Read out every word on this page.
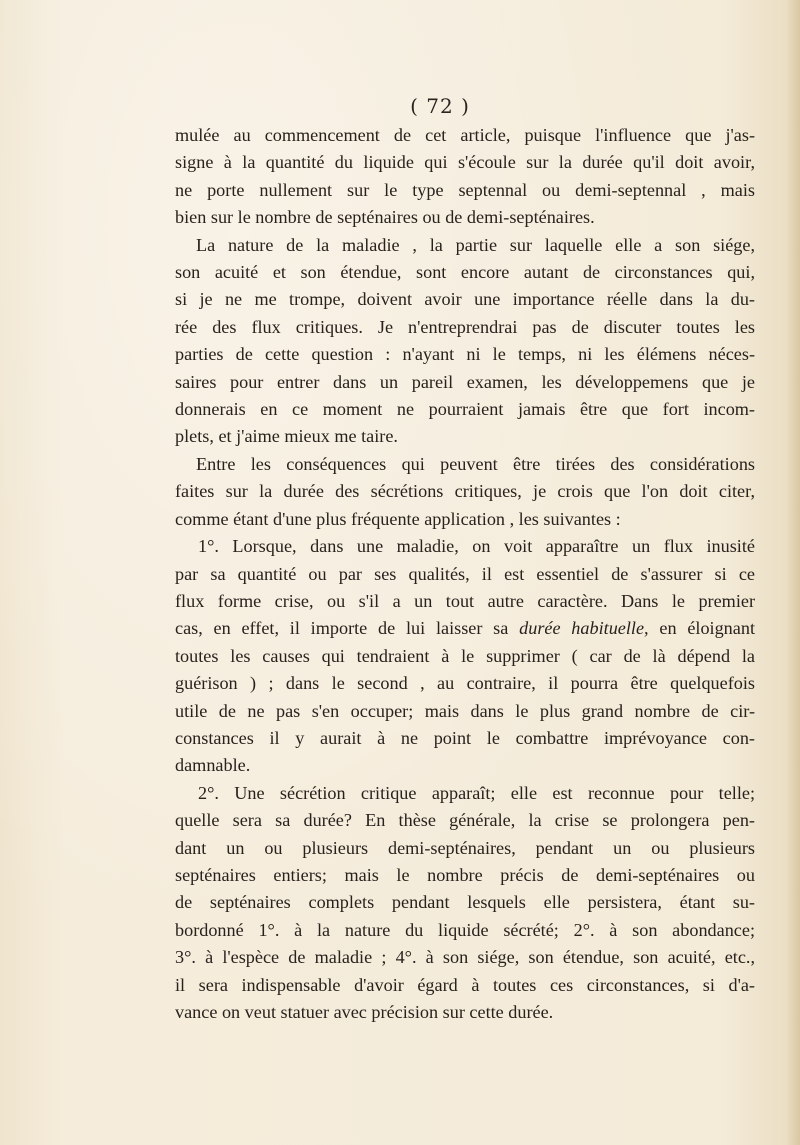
( 72 )
mulée au commencement de cet article, puisque l'influence que j'as-
signe à la quantité du liquide qui s'écoule sur la durée qu'il doit avoir,
ne porte nullement sur le type septennal ou demi-septennal , mais
bien sur le nombre de septénaires ou de demi-septénaires.
La nature de la maladie , la partie sur laquelle elle a son siége,
son acuité et son étendue, sont encore autant de circonstances qui,
si je ne me trompe, doivent avoir une importance réelle dans la du-
rée des flux critiques. Je n'entreprendrai pas de discuter toutes les
parties de cette question : n'ayant ni le temps, ni les élémens néces-
saires pour entrer dans un pareil examen, les développemens que je
donnerais en ce moment ne pourraient jamais être que fort incom-
plets, et j'aime mieux me taire.
Entre les conséquences qui peuvent être tirées des considérations
faites sur la durée des sécrétions critiques, je crois que l'on doit citer,
comme étant d'une plus fréquente application , les suivantes :
1°. Lorsque, dans une maladie, on voit apparaître un flux inusité
par sa quantité ou par ses qualités, il est essentiel de s'assurer si ce
flux forme crise, ou s'il a un tout autre caractère. Dans le premier
cas, en effet, il importe de lui laisser sa durée habituelle, en éloignant
toutes les causes qui tendraient à le supprimer ( car de là dépend la
guérison ) ; dans le second , au contraire, il pourra être quelquefois
utile de ne pas s'en occuper; mais dans le plus grand nombre de cir-
constances il y aurait à ne point le combattre imprévoyance con-
damnable.
2°. Une sécrétion critique apparaît; elle est reconnue pour telle;
quelle sera sa durée? En thèse générale, la crise se prolongera pen-
dant un ou plusieurs demi-septénaires, pendant un ou plusieurs
septénaires entiers; mais le nombre précis de demi-septénaires ou
de septénaires complets pendant lesquels elle persistera, étant su-
bordonné 1°. à la nature du liquide sécrété; 2°. à son abondance;
3°. à l'espèce de maladie ; 4°. à son siége, son étendue, son acuité, etc.,
il sera indispensable d'avoir égard à toutes ces circonstances, si d'a-
vance on veut statuer avec précision sur cette durée.
